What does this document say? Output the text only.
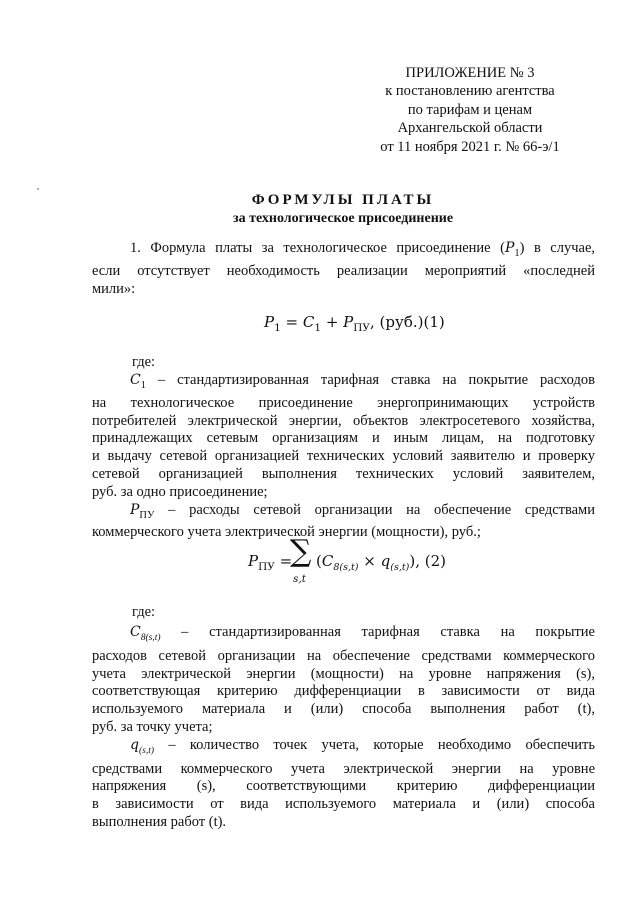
ПРИЛОЖЕНИЕ № 3
к постановлению агентства
по тарифам и ценам
Архангельской области
от 11 ноября 2021 г. № 66-э/1
ФОРМУЛЫ ПЛАТЫ
за технологическое присоединение
1. Формула платы за технологическое присоединение $(P_1)$ в случае,
если отсутствует необходимость реализации мероприятий «последней
мили»:
$P_1 = C_1 + P_{ПУ}$, (руб.)(1)
где:
$C_1$ – стандартизированная тарифная ставка на покрытие расходов
на технологическое присоединение энергопринимающих устройств
потребителей электрической энергии, объектов электросетевого хозяйства,
принадлежащих сетевым организациям и иным лицам, на подготовку
и выдачу сетевой организацией технических условий заявителю и проверку
сетевой организацией выполнения технических условий заявителем,
руб. за одно присоединение;
$P_{ПУ}$ – расходы сетевой организации на обеспечение средствами
коммерческого учета электрической энергии (мощности), руб.;
$P_{ПУ}$ =
∑
s,t
$(C_{8(s,t)} \times q_{(s,t)})$, (2)
где:
$C_{8(s,t)}$ – стандартизированная тарифная ставка на покрытие
расходов сетевой организации на обеспечение средствами коммерческого
учета электрической энергии (мощности) на уровне напряжения (s),
соответствующая критерию дифференциации в зависимости от вида
используемого материала и (или) способа выполнения работ (t),
руб. за точку учета;
$q_{(s,t)}$ – количество точек учета, которые необходимо обеспечить
средствами коммерческого учета электрической энергии на уровне
напряжения (s), соответствующими критерию дифференциации
в зависимости от вида используемого материала и (или) способа
выполнения работ (t).
